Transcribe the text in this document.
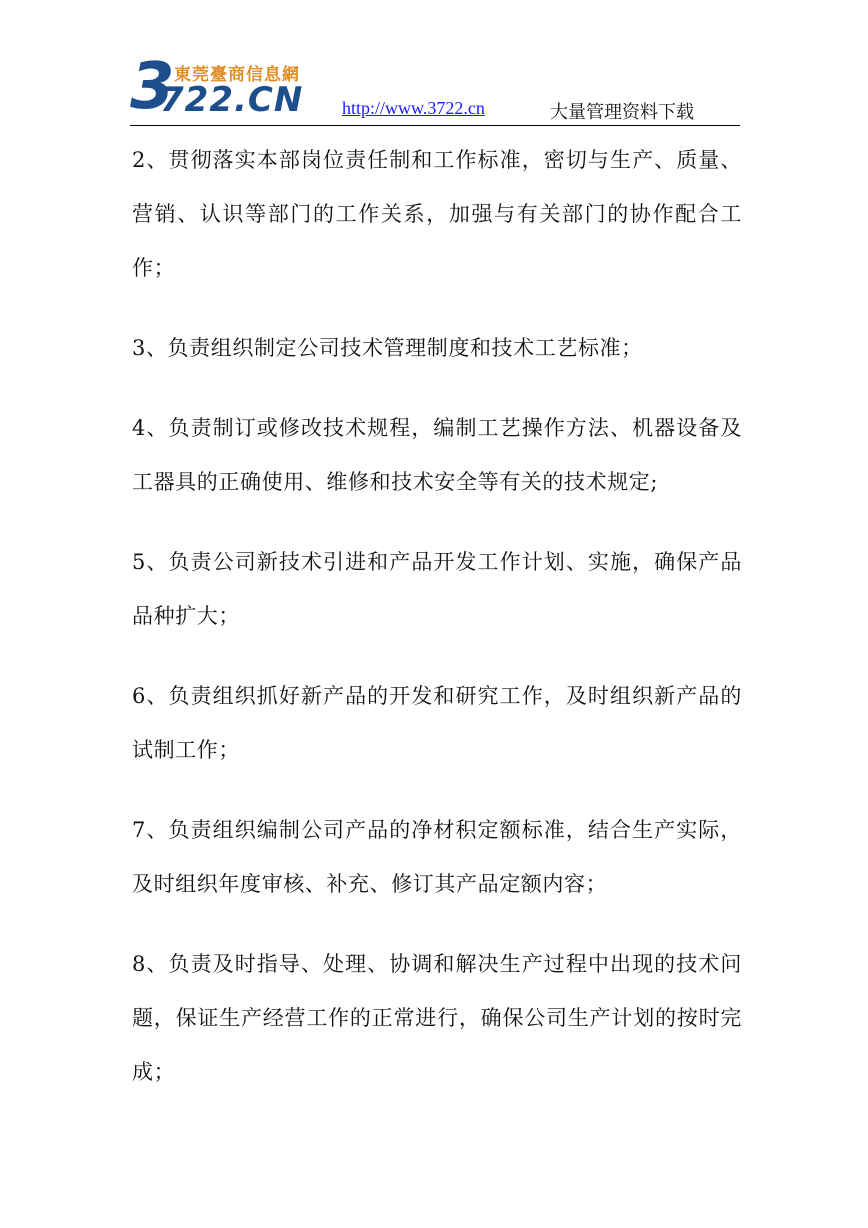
3 東莞臺商信息網
722.CN http://www.3722.cn	大量管理资料下载

2、贯彻落实本部岗位责任制和工作标准，密切与生产、质量、营销、认识等部门的工作关系，加强与有关部门的协作配合工作；

3、负责组织制定公司技术管理制度和技术工艺标准；

4、负责制订或修改技术规程，编制工艺操作方法、机器设备及工器具的正确使用、维修和技术安全等有关的技术规定;

5、负责公司新技术引进和产品开发工作计划、实施，确保产品品种扩大；

6、负责组织抓好新产品的开发和研究工作，及时组织新产品的试制工作；

7、负责组织编制公司产品的净材积定额标准，结合生产实际，及时组织年度审核、补充、修订其产品定额内容；

8、负责及时指导、处理、协调和解决生产过程中出现的技术问题，保证生产经营工作的正常进行，确保公司生产计划的按时完成；
